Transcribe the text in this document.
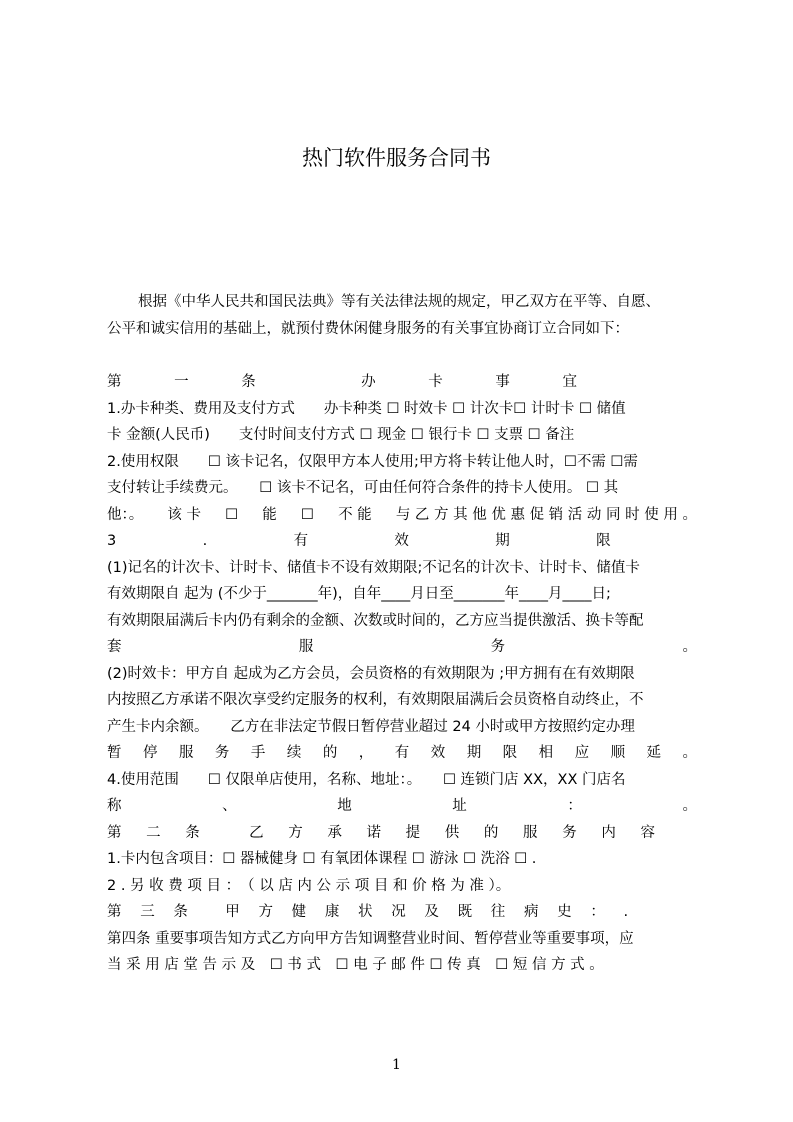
热门软件服务合同书
根据《中华人民共和国民法典》等有关法律法规的规定，甲乙双方在平等、自愿、
公平和诚实信用的基础上，就预付费休闲健身服务的有关事宜协商订立合同如下：
第	一	条	办	卡	事	宜
1.办卡种类、费用及支付方式　　办卡种类 ☐ 时效卡 ☐ 计次卡☐ 计时卡 ☐ 储值
卡 金额(人民币)　　支付时间支付方式 ☐ 现金 ☐ 银行卡 ☐ 支票 ☐ 备注
2.使用权限　　☐ 该卡记名，仅限甲方本人使用;甲方将卡转让他人时，☐不需 ☐需
支付转让手续费元。　　☐ 该卡不记名，可由任何符合条件的持卡人使用。 ☐ 其
他：。 该 卡 ☐ 能 ☐ 不 能 与 乙 方 其 他 优 惠 促 销 活 动 同 时 使 用 。
3	.	有	效	期	限
(1)记名的计次卡、计时卡、储值卡不设有效期限;不记名的计次卡、计时卡、储值卡
有效期限自 起为 (不少于_______年)，自年____月日至_______年____月____日;
有效期限届满后卡内仍有剩余的金额、次数或时间的，乙方应当提供激活、换卡等配
套	服	务	。
(2)时效卡：甲方自 起成为乙方会员，会员资格的有效期限为 ;甲方拥有在有效期限
内按照乙方承诺不限次享受约定服务的权利，有效期限届满后会员资格自动终止，不
产生卡内余额。　　乙方在非法定节假日暂停营业超过 24 小时或甲方按照约定办理
暂 停 服 务 手 续 的 ， 有 效 期 限 相 应 顺 延 。
4.使用范围　　☐ 仅限单店使用，名称、地址：。　　☐ 连锁门店 XX，XX 门店名
称	、	地	址	：	。
第 二 条	乙 方 承 诺 提 供 的 服 务 内 容
1.卡内包含项目：☐ 器械健身 ☐ 有氧团体课程 ☐ 游泳 ☐ 洗浴 ☐ .
2 . 另 收 费 项 目 ：　（ 以 店 内 公 示 项 目 和 价 格 为 准 ）。
第 三 条	甲 方 健 康 状 况 及 既 往 病 史 ： .
第四条 重要事项告知方式乙方向甲方告知调整营业时间、暂停营业等重要事项，应
当 采 用 店 堂 告 示 及　☐ 书 式　☐ 电 子 邮 件 ☐ 传 真　☐ 短 信 方 式 。
1
